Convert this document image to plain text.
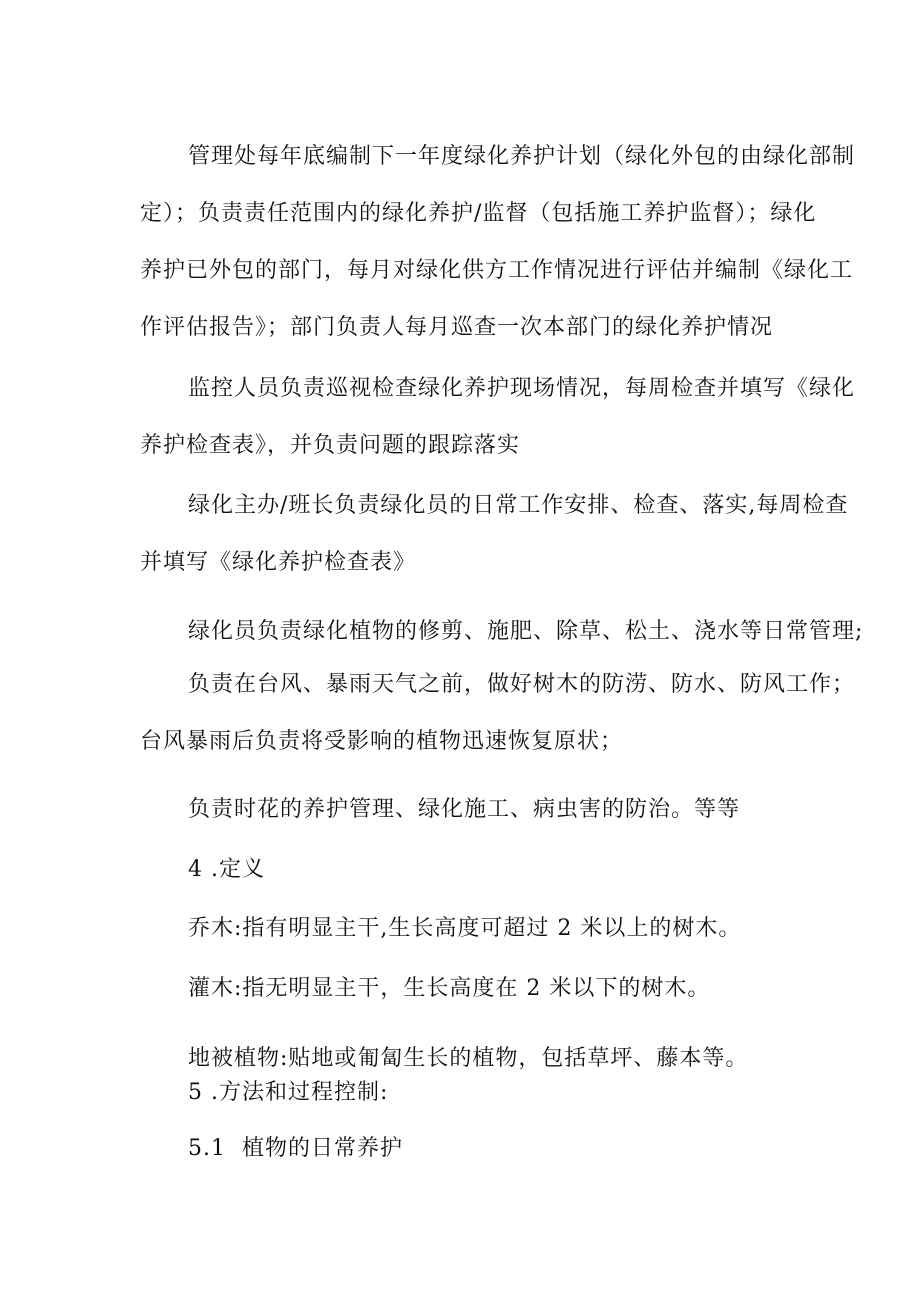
管理处每年底编制下一年度绿化养护计划（绿化外包的由绿化部制
定）；负责责任范围内的绿化养护/监督（包括施工养护监督）；绿化
养护已外包的部门，每月对绿化供方工作情况进行评估并编制《绿化工
作评估报告》；部门负责人每月巡查一次本部门的绿化养护情况
监控人员负责巡视检查绿化养护现场情况，每周检查并填写《绿化
养护检查表》，并负责问题的跟踪落实
绿化主办/班长负责绿化员的日常工作安排、检查、落实,每周检查
并填写《绿化养护检查表》
绿化员负责绿化植物的修剪、施肥、除草、松土、浇水等日常管理;
负责在台风、暴雨天气之前，做好树木的防涝、防水、防风工作；
台风暴雨后负责将受影响的植物迅速恢复原状；
负责时花的养护管理、绿化施工、病虫害的防治。等等
4 .定义
乔木:指有明显主干,生长高度可超过 2 米以上的树木。
灌木:指无明显主干，生长高度在 2 米以下的树木。
地被植物:贴地或匍匐生长的植物，包括草坪、藤本等。
5 .方法和过程控制:
5.1  植物的日常养护
